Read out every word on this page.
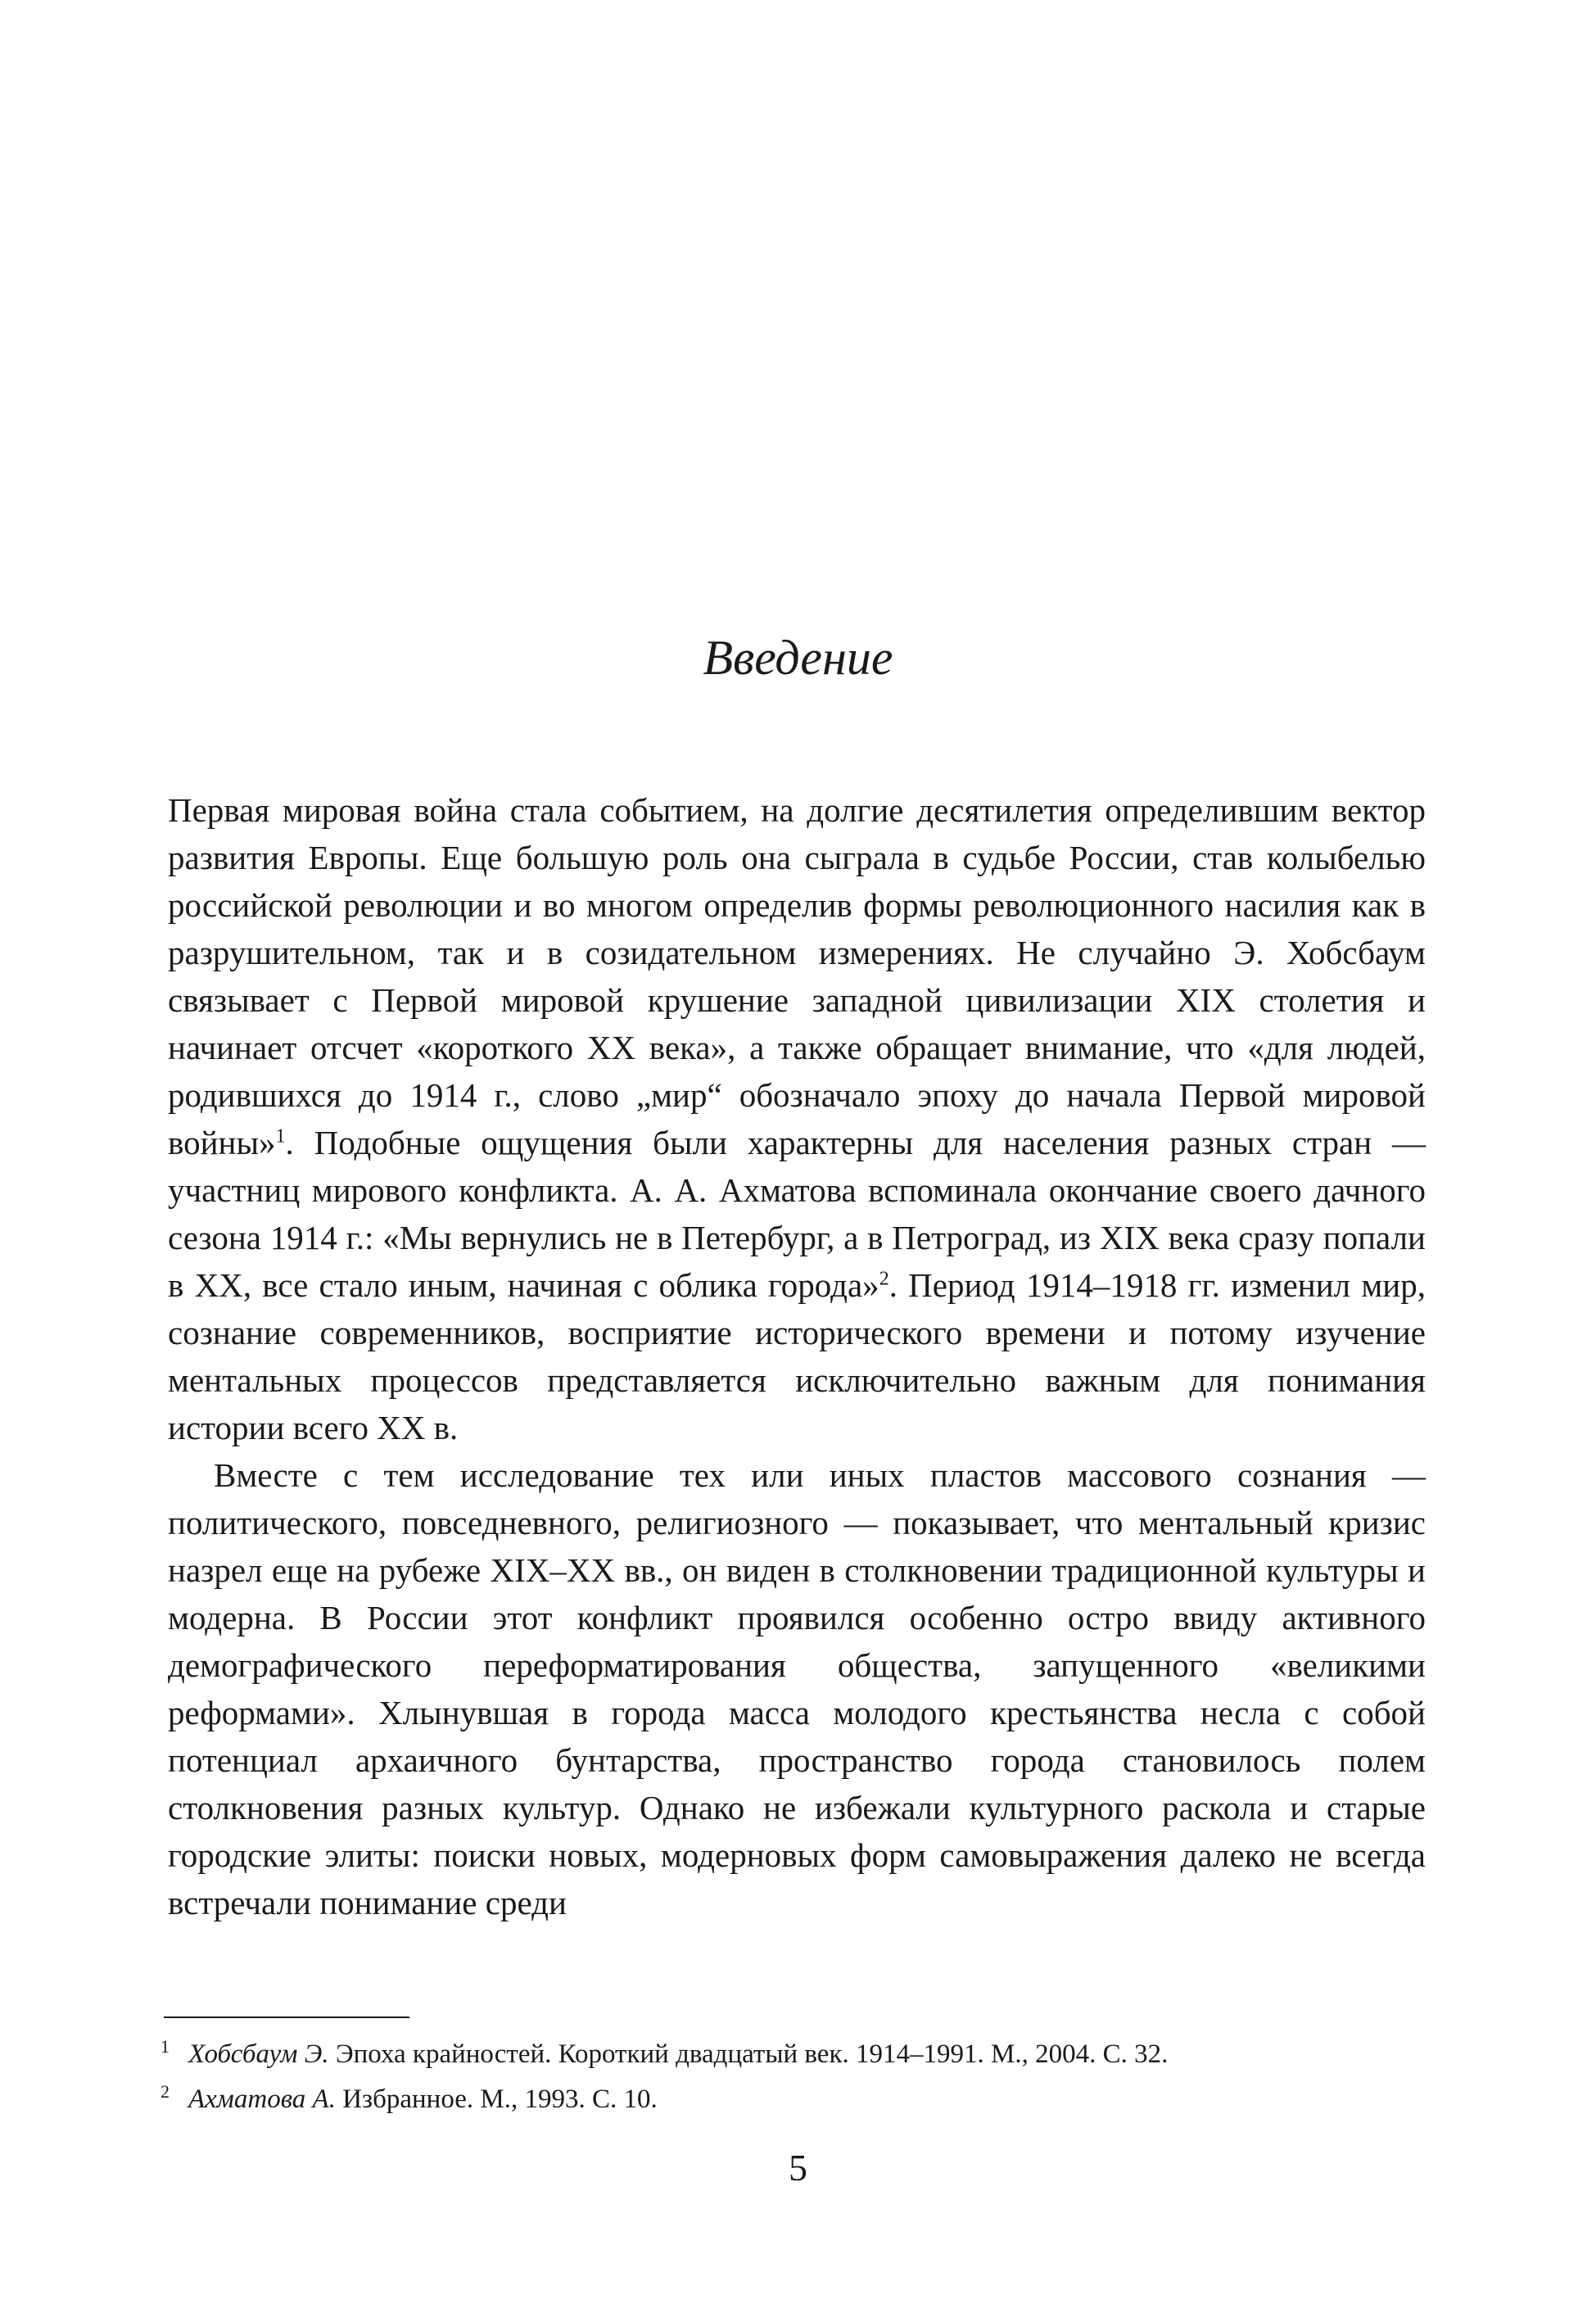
Введение

Первая мировая война стала событием, на долгие десятилетия определившим вектор развития Европы. Еще большую роль она сыграла в судьбе России, став колыбелью российской революции и во многом определив формы революционного насилия как в разрушительном, так и в созидательном измерениях. Не случайно Э. Хобсбаум связывает с Первой мировой крушение западной цивилизации XIX столетия и начинает отсчет «короткого XX века», а также обращает внимание, что «для людей, родившихся до 1914 г., слово „мир“ обозначало эпоху до начала Первой мировой войны»$^1$. Подобные ощущения были характерны для населения разных стран — участниц мирового конфликта. А. А. Ахматова вспоминала окончание своего дачного сезона 1914 г.: «Мы вернулись не в Петербург, а в Петроград, из XIX века сразу попали в XX, все стало иным, начиная с облика города»$^2$. Период 1914–1918 гг. изменил мир, сознание современников, восприятие исторического времени и потому изучение ментальных процессов представляется исключительно важным для понимания истории всего XX в.

Вместе с тем исследование тех или иных пластов массового сознания — политического, повседневного, религиозного — показывает, что ментальный кризис назрел еще на рубеже XIX–XX вв., он виден в столкновении традиционной культуры и модерна. В России этот конфликт проявился особенно остро ввиду активного демографического переформатирования общества, запущенного «великими реформами». Хлынувшая в города масса молодого крестьянства несла с собой потенциал архаичного бунтарства, пространство города становилось полем столкновения разных культур. Однако не избежали культурного раскола и старые городские элиты: поиски новых, модерновых форм самовыражения далеко не всегда встречали понимание среди

1 Хобсбаум Э. Эпоха крайностей. Короткий двадцатый век. 1914–1991. М., 2004. С. 32.
2 Ахматова А. Избранное. М., 1993. С. 10.
5
